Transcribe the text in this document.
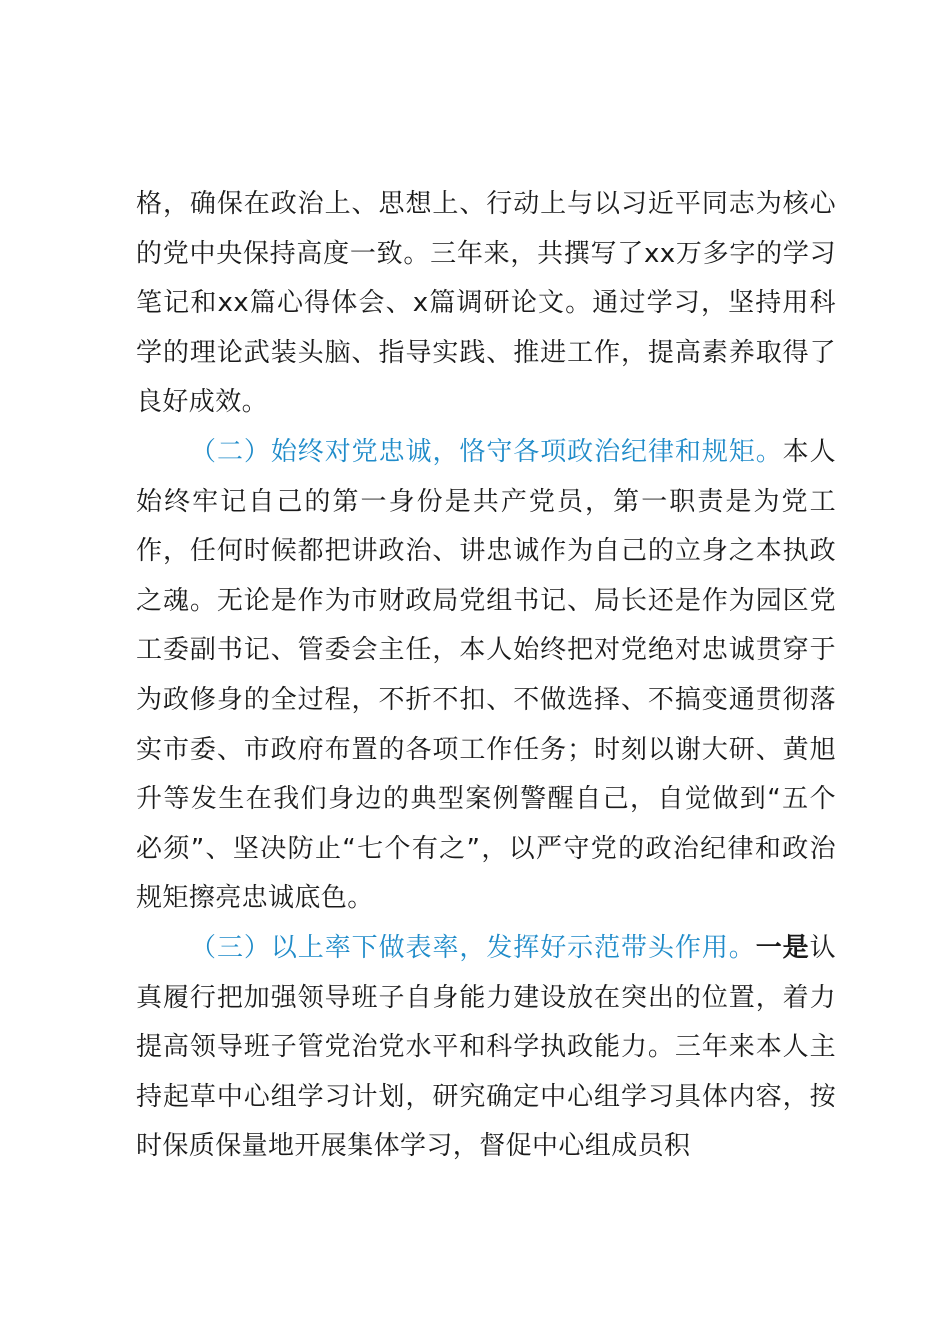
格，确保在政治上、思想上、行动上与以习近平同志为核心的党中央保持高度一致。三年来，共撰写了xx万多字的学习笔记和xx篇心得体会、x篇调研论文。通过学习，坚持用科学的理论武装头脑、指导实践、推进工作，提高素养取得了良好成效。

（二）始终对党忠诚，恪守各项政治纪律和规矩。本人始终牢记自己的第一身份是共产党员，第一职责是为党工作，任何时候都把讲政治、讲忠诚作为自己的立身之本执政之魂。无论是作为市财政局党组书记、局长还是作为园区党工委副书记、管委会主任，本人始终把对党绝对忠诚贯穿于为政修身的全过程，不折不扣、不做选择、不搞变通贯彻落实市委、市政府布置的各项工作任务；时刻以谢大研、黄旭升等发生在我们身边的典型案例警醒自己，自觉做到“五个必须”、坚决防止“七个有之”，以严守党的政治纪律和政治规矩擦亮忠诚底色。

（三）以上率下做表率，发挥好示范带头作用。一是认真履行把加强领导班子自身能力建设放在突出的位置，着力提高领导班子管党治党水平和科学执政能力。三年来本人主持起草中心组学习计划，研究确定中心组学习具体内容，按时保质保量地开展集体学习，督促中心组成员积
